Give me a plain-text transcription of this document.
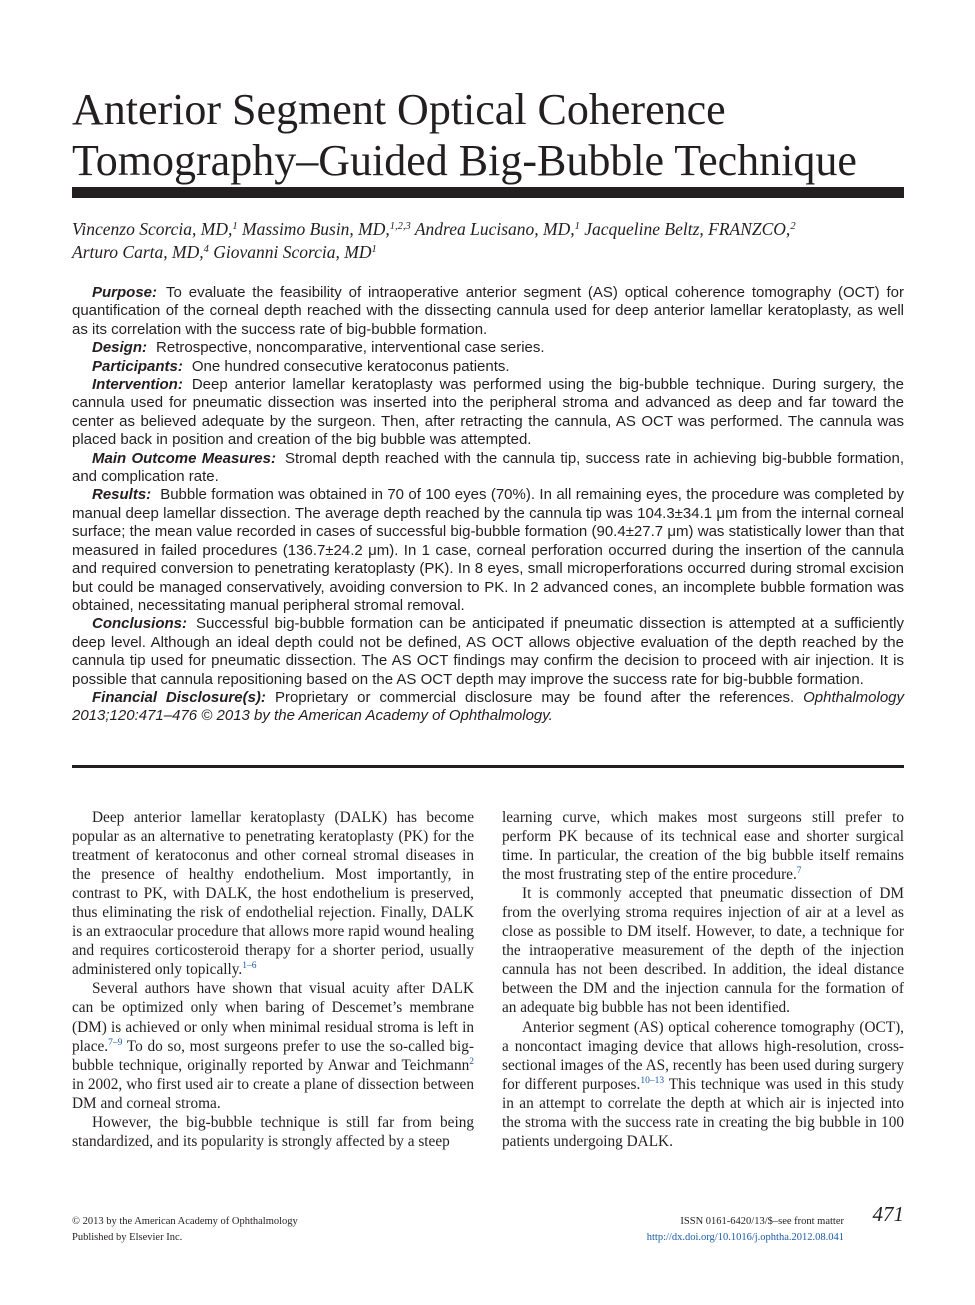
Anterior Segment Optical Coherence
Tomography–Guided Big-Bubble Technique
Vincenzo Scorcia, MD,$^1$ Massimo Busin, MD,$^{1,2,3}$ Andrea Lucisano, MD,$^1$ Jacqueline Beltz, FRANZCO,$^2$
Arturo Carta, MD,$^4$ Giovanni Scorcia, $MD^1$

Purpose: To evaluate the feasibility of intraoperative anterior segment (AS) optical coherence tomography (OCT) for quantification of the corneal depth reached with the dissecting cannula used for deep anterior lamellar keratoplasty, as well as its correlation with the success rate of big-bubble formation.

Design: Retrospective, noncomparative, interventional case series.

Participants: One hundred consecutive keratoconus patients.

Intervention: Deep anterior lamellar keratoplasty was performed using the big-bubble technique. During surgery, the cannula used for pneumatic dissection was inserted into the peripheral stroma and advanced as deep and far toward the center as believed adequate by the surgeon. Then, after retracting the cannula, AS OCT was performed. The cannula was placed back in position and creation of the big bubble was attempted.

Main Outcome Measures: Stromal depth reached with the cannula tip, success rate in achieving big-bubble formation, and complication rate.

Results: Bubble formation was obtained in 70 of 100 eyes (70%). In all remaining eyes, the procedure was completed by manual deep lamellar dissection. The average depth reached by the cannula tip was 104.3±34.1 μm from the internal corneal surface; the mean value recorded in cases of successful big-bubble formation (90.4±27.7 μm) was statistically lower than that measured in failed procedures (136.7±24.2 μm). In 1 case, corneal perforation occurred during the insertion of the cannula and required conversion to penetrating keratoplasty (PK). In 8 eyes, small microperforations occurred during stromal excision but could be managed conservatively, avoiding conversion to PK. In 2 advanced cones, an incomplete bubble formation was obtained, necessitating manual peripheral stromal removal.

Conclusions: Successful big-bubble formation can be anticipated if pneumatic dissection is attempted at a sufficiently deep level. Although an ideal depth could not be defined, AS OCT allows objective evaluation of the depth reached by the cannula tip used for pneumatic dissection. The AS OCT findings may confirm the decision to proceed with air injection. It is possible that cannula repositioning based on the AS OCT depth may improve the success rate for big-bubble formation.

Financial Disclosure(s): Proprietary or commercial disclosure may be found after the references. Ophthalmology 2013;120:471–476 © 2013 by the American Academy of Ophthalmology.

Deep anterior lamellar keratoplasty (DALK) has become popular as an alternative to penetrating keratoplasty (PK) for the treatment of keratoconus and other corneal stromal diseases in the presence of healthy endothelium. Most importantly, in contrast to PK, with DALK, the host endothelium is preserved, thus eliminating the risk of endothelial rejection. Finally, DALK is an extraocular procedure that allows more rapid wound healing and requires corticosteroid therapy for a shorter period, usually administered only topically.$^{1-6}$

Several authors have shown that visual acuity after DALK can be optimized only when baring of Descemet’s membrane (DM) is achieved or only when minimal residual stroma is left in place.$^{7-9}$ To do so, most surgeons prefer to use the so-called big-bubble technique, originally reported by Anwar and Teichmann$^2$ in 2002, who first used air to create a plane of dissection between DM and corneal stroma.

However, the big-bubble technique is still far from being standardized, and its popularity is strongly affected by a steep

learning curve, which makes most surgeons still prefer to perform PK because of its technical ease and shorter surgical time. In particular, the creation of the big bubble itself remains the most frustrating step of the entire procedure.$^7$

It is commonly accepted that pneumatic dissection of DM from the overlying stroma requires injection of air at a level as close as possible to DM itself. However, to date, a technique for the intraoperative measurement of the depth of the injection cannula has not been described. In addition, the ideal distance between the DM and the injection cannula for the formation of an adequate big bubble has not been identified.

Anterior segment (AS) optical coherence tomography (OCT), a noncontact imaging device that allows high-resolution, cross-sectional images of the AS, recently has been used during surgery for different purposes.$^{10-13}$ This technique was used in this study in an attempt to correlate the depth at which air is injected into the stroma with the success rate in creating the big bubble in 100 patients undergoing DALK.

© 2013 by the American Academy of Ophthalmology
Published by Elsevier Inc.
ISSN 0161-6420/13/$–see front matter
http://dx.doi.org/10.1016/j.ophtha.2012.08.041
471
